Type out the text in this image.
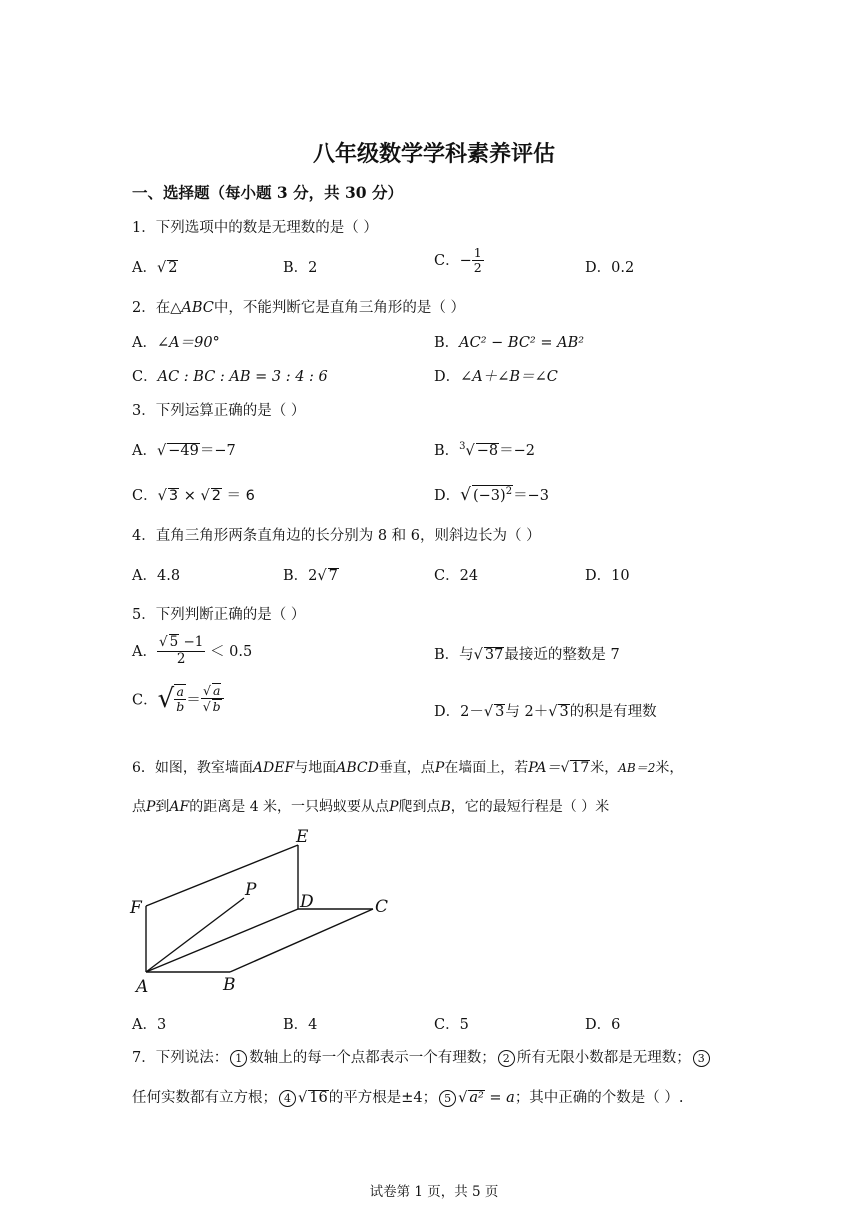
八年级数学学科素养评估
一、选择题（每小题 3 分，共 30 分）
1．下列选项中的数是无理数的是（ ）
A．√ 2	B．2	C．− $\frac{1}{2}$	D．0.2
2．在△ABC中，不能判断它是直角三角形的是（ ）
A．∠A＝90°	B．AC² − BC² = AB²
C．AC : BC : AB = 3 : 4 : 6	D．∠A＋∠B＝∠C
3．下列运算正确的是（ ）
A．√ −49＝−7	B．$^3$√ −8＝−2
C．√ 3 × √ 2 ＝ 6	D．√ $(-3)^2=-3$
4．直角三角形两条直角边的长分别为 8 和 6，则斜边长为（ ）
A．4.8	B．2√ 7	C．24	D．10
5．下列判断正确的是（ ）
A． $\frac{√ 5 -1}{2} < 0.5$	B．与√ 37最接近的整数是 7
C．√ $\frac{a}{b} = \frac{√ a}{√ b}$	D．2－√ 3与 2＋√ 3的积是有理数
6．如图，教室墙面ADEF与地面ABCD垂直，点P在墙面上，若PA＝√ 17米，AB＝2米，
点P到AF的距离是 4 米，一只蚂蚁要从点P爬到点B，它的最短行程是（ ）米
E
P
F	D	C
A	B
A．3	B．4	C．5	D．6
7．下列说法： 1 数轴上的每一个点都表示一个有理数； 2 所有无限小数都是无理数； 3
任何实数都有立方根； 4 √ 16的平方根是±4； 5 √ a² = a；其中正确的个数是（ ）.
试卷第 1 页，共 5 页
